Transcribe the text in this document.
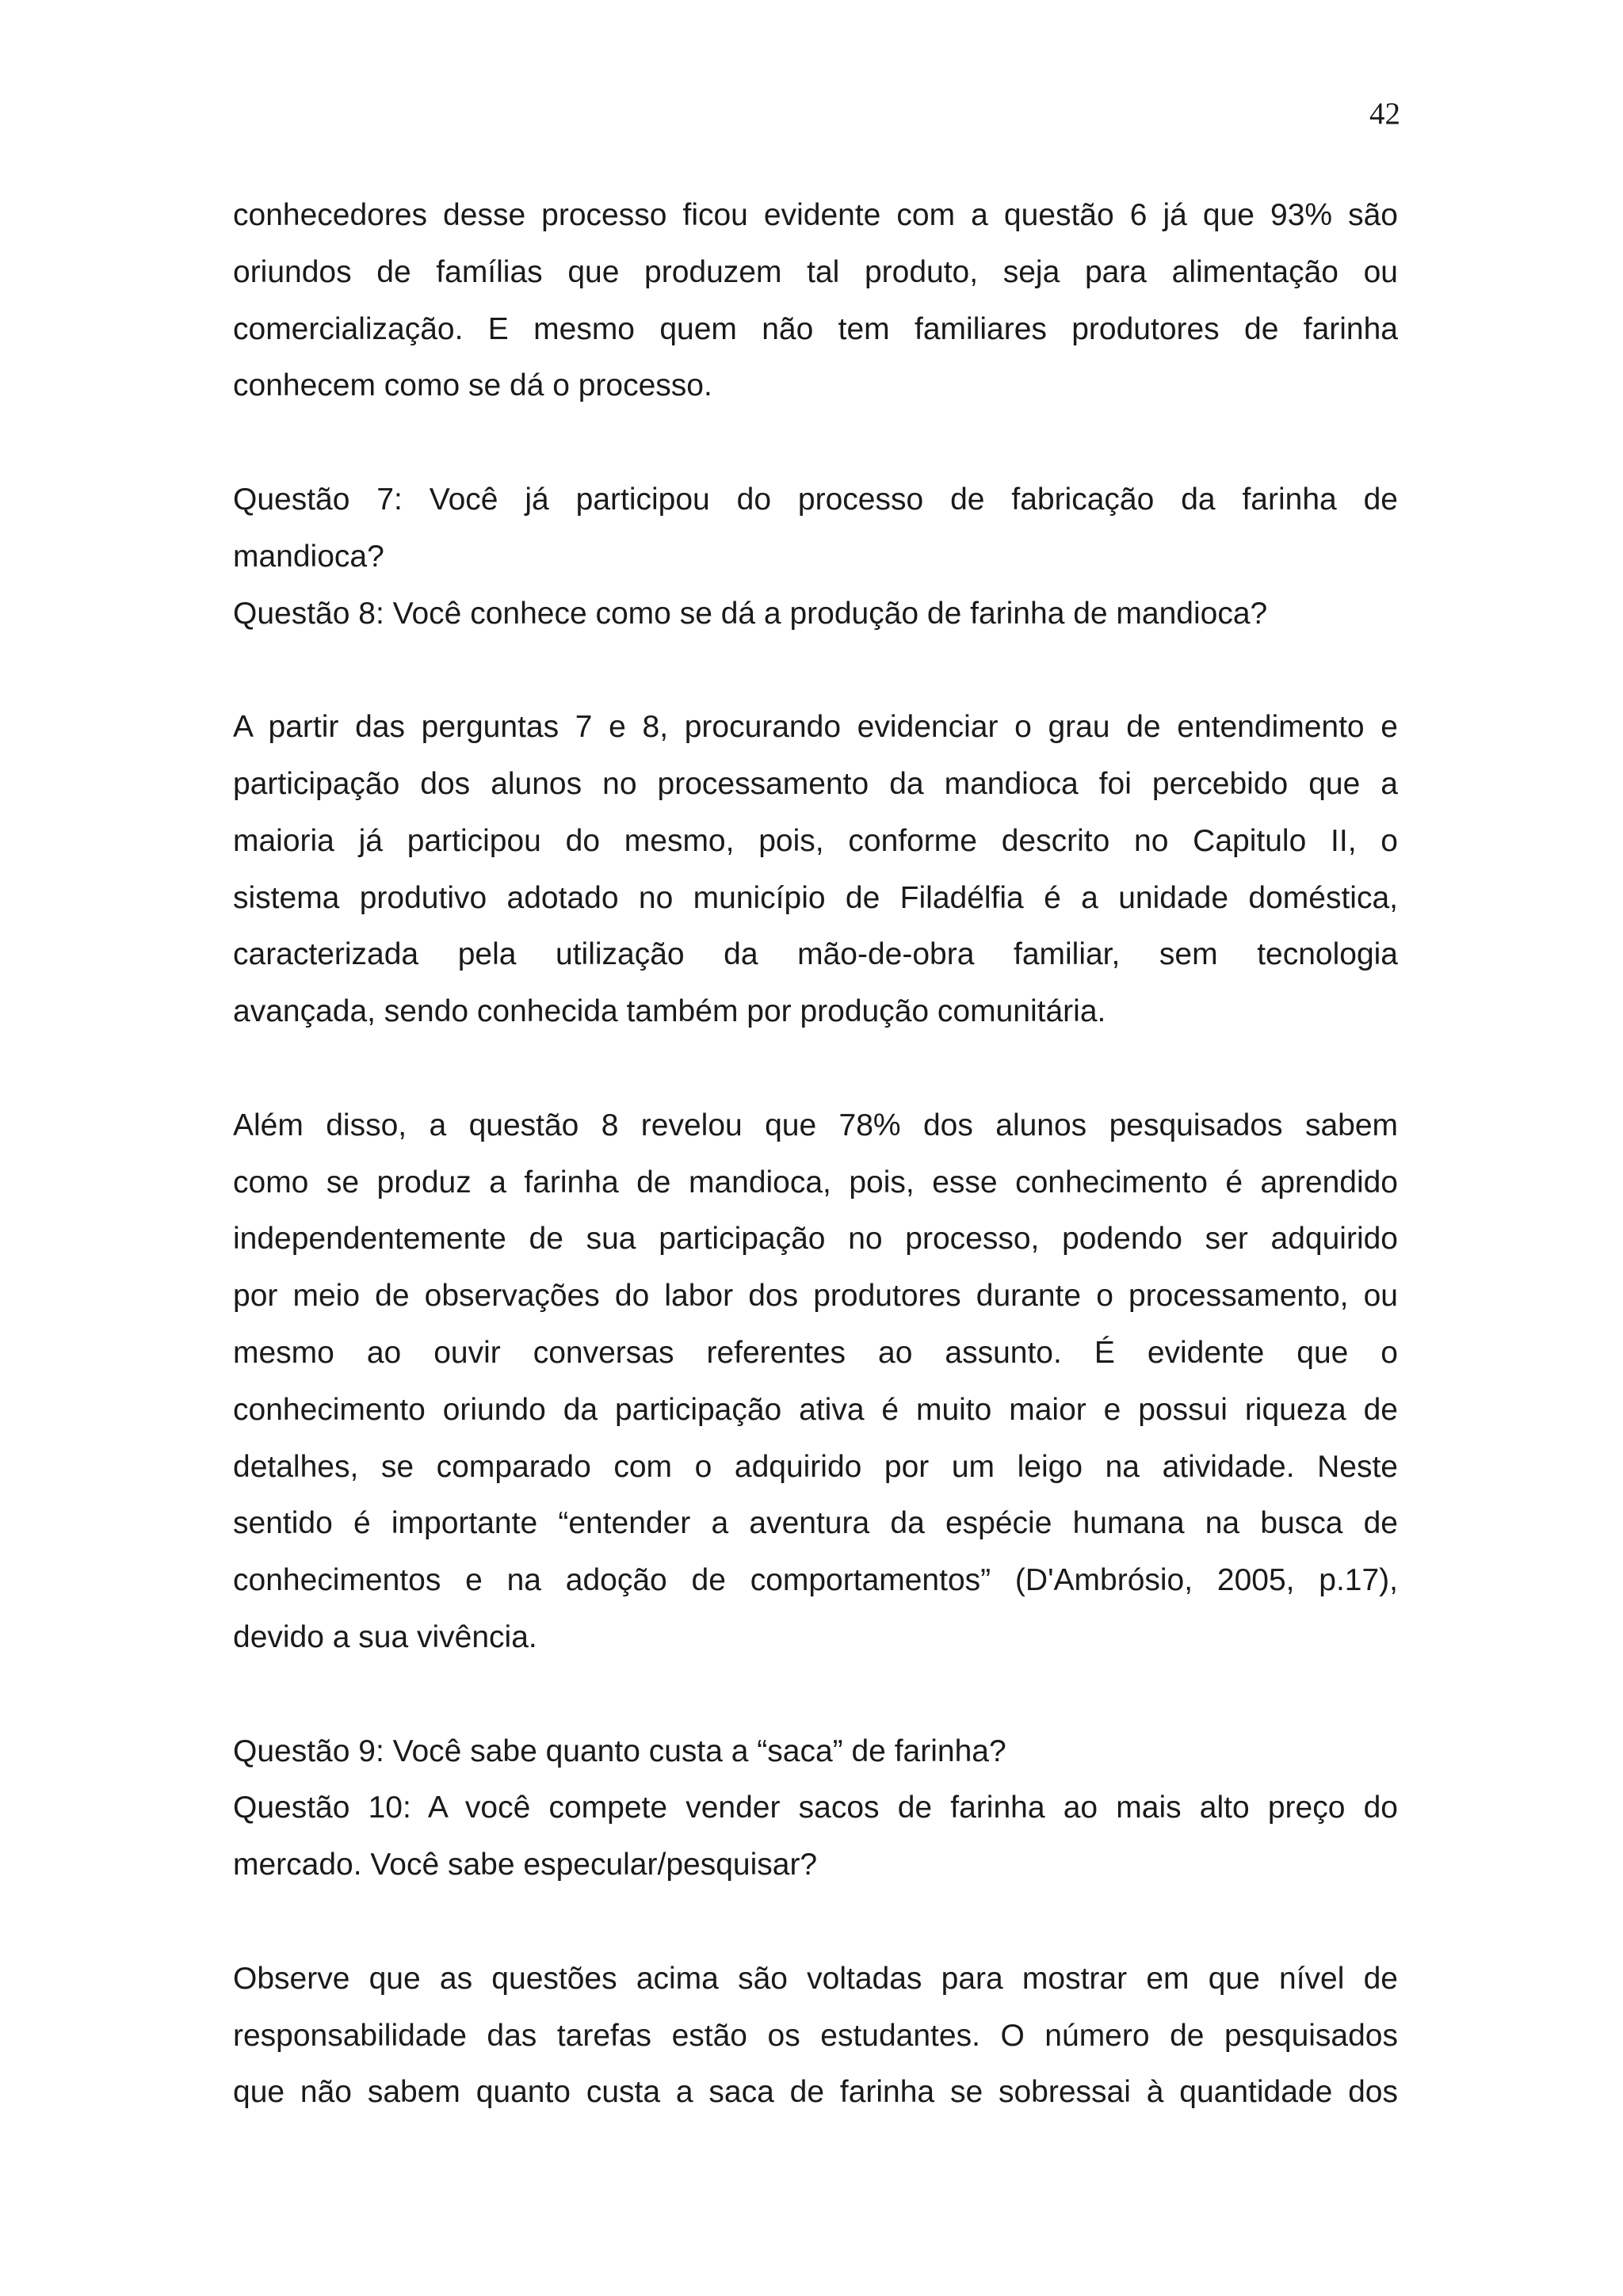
42
conhecedores desse processo ficou evidente com a questão 6 já que 93% são
oriundos de famílias que produzem tal produto, seja para alimentação ou
comercialização. E mesmo quem não tem familiares produtores de farinha
conhecem como se dá o processo.
Questão 7: Você já participou do processo de fabricação da farinha de
mandioca?
Questão 8: Você conhece como se dá a produção de farinha de mandioca?
A partir das perguntas 7 e 8, procurando evidenciar o grau de entendimento e
participação dos alunos no processamento da mandioca foi percebido que a
maioria já participou do mesmo, pois, conforme descrito no Capitulo II, o
sistema produtivo adotado no município de Filadélfia é a unidade doméstica,
caracterizada pela utilização da mão-de-obra familiar, sem tecnologia
avançada, sendo conhecida também por produção comunitária.
Além disso, a questão 8 revelou que 78% dos alunos pesquisados sabem
como se produz a farinha de mandioca, pois, esse conhecimento é aprendido
independentemente de sua participação no processo, podendo ser adquirido
por meio de observações do labor dos produtores durante o processamento, ou
mesmo ao ouvir conversas referentes ao assunto. É evidente que o
conhecimento oriundo da participação ativa é muito maior e possui riqueza de
detalhes, se comparado com o adquirido por um leigo na atividade. Neste
sentido é importante “entender a aventura da espécie humana na busca de
conhecimentos e na adoção de comportamentos” (D'Ambrósio, 2005, p.17),
devido a sua vivência.
Questão 9: Você sabe quanto custa a “saca” de farinha?
Questão 10: A você compete vender sacos de farinha ao mais alto preço do
mercado. Você sabe especular/pesquisar?
Observe que as questões acima são voltadas para mostrar em que nível de
responsabilidade das tarefas estão os estudantes. O número de pesquisados
que não sabem quanto custa a saca de farinha se sobressai à quantidade dos
